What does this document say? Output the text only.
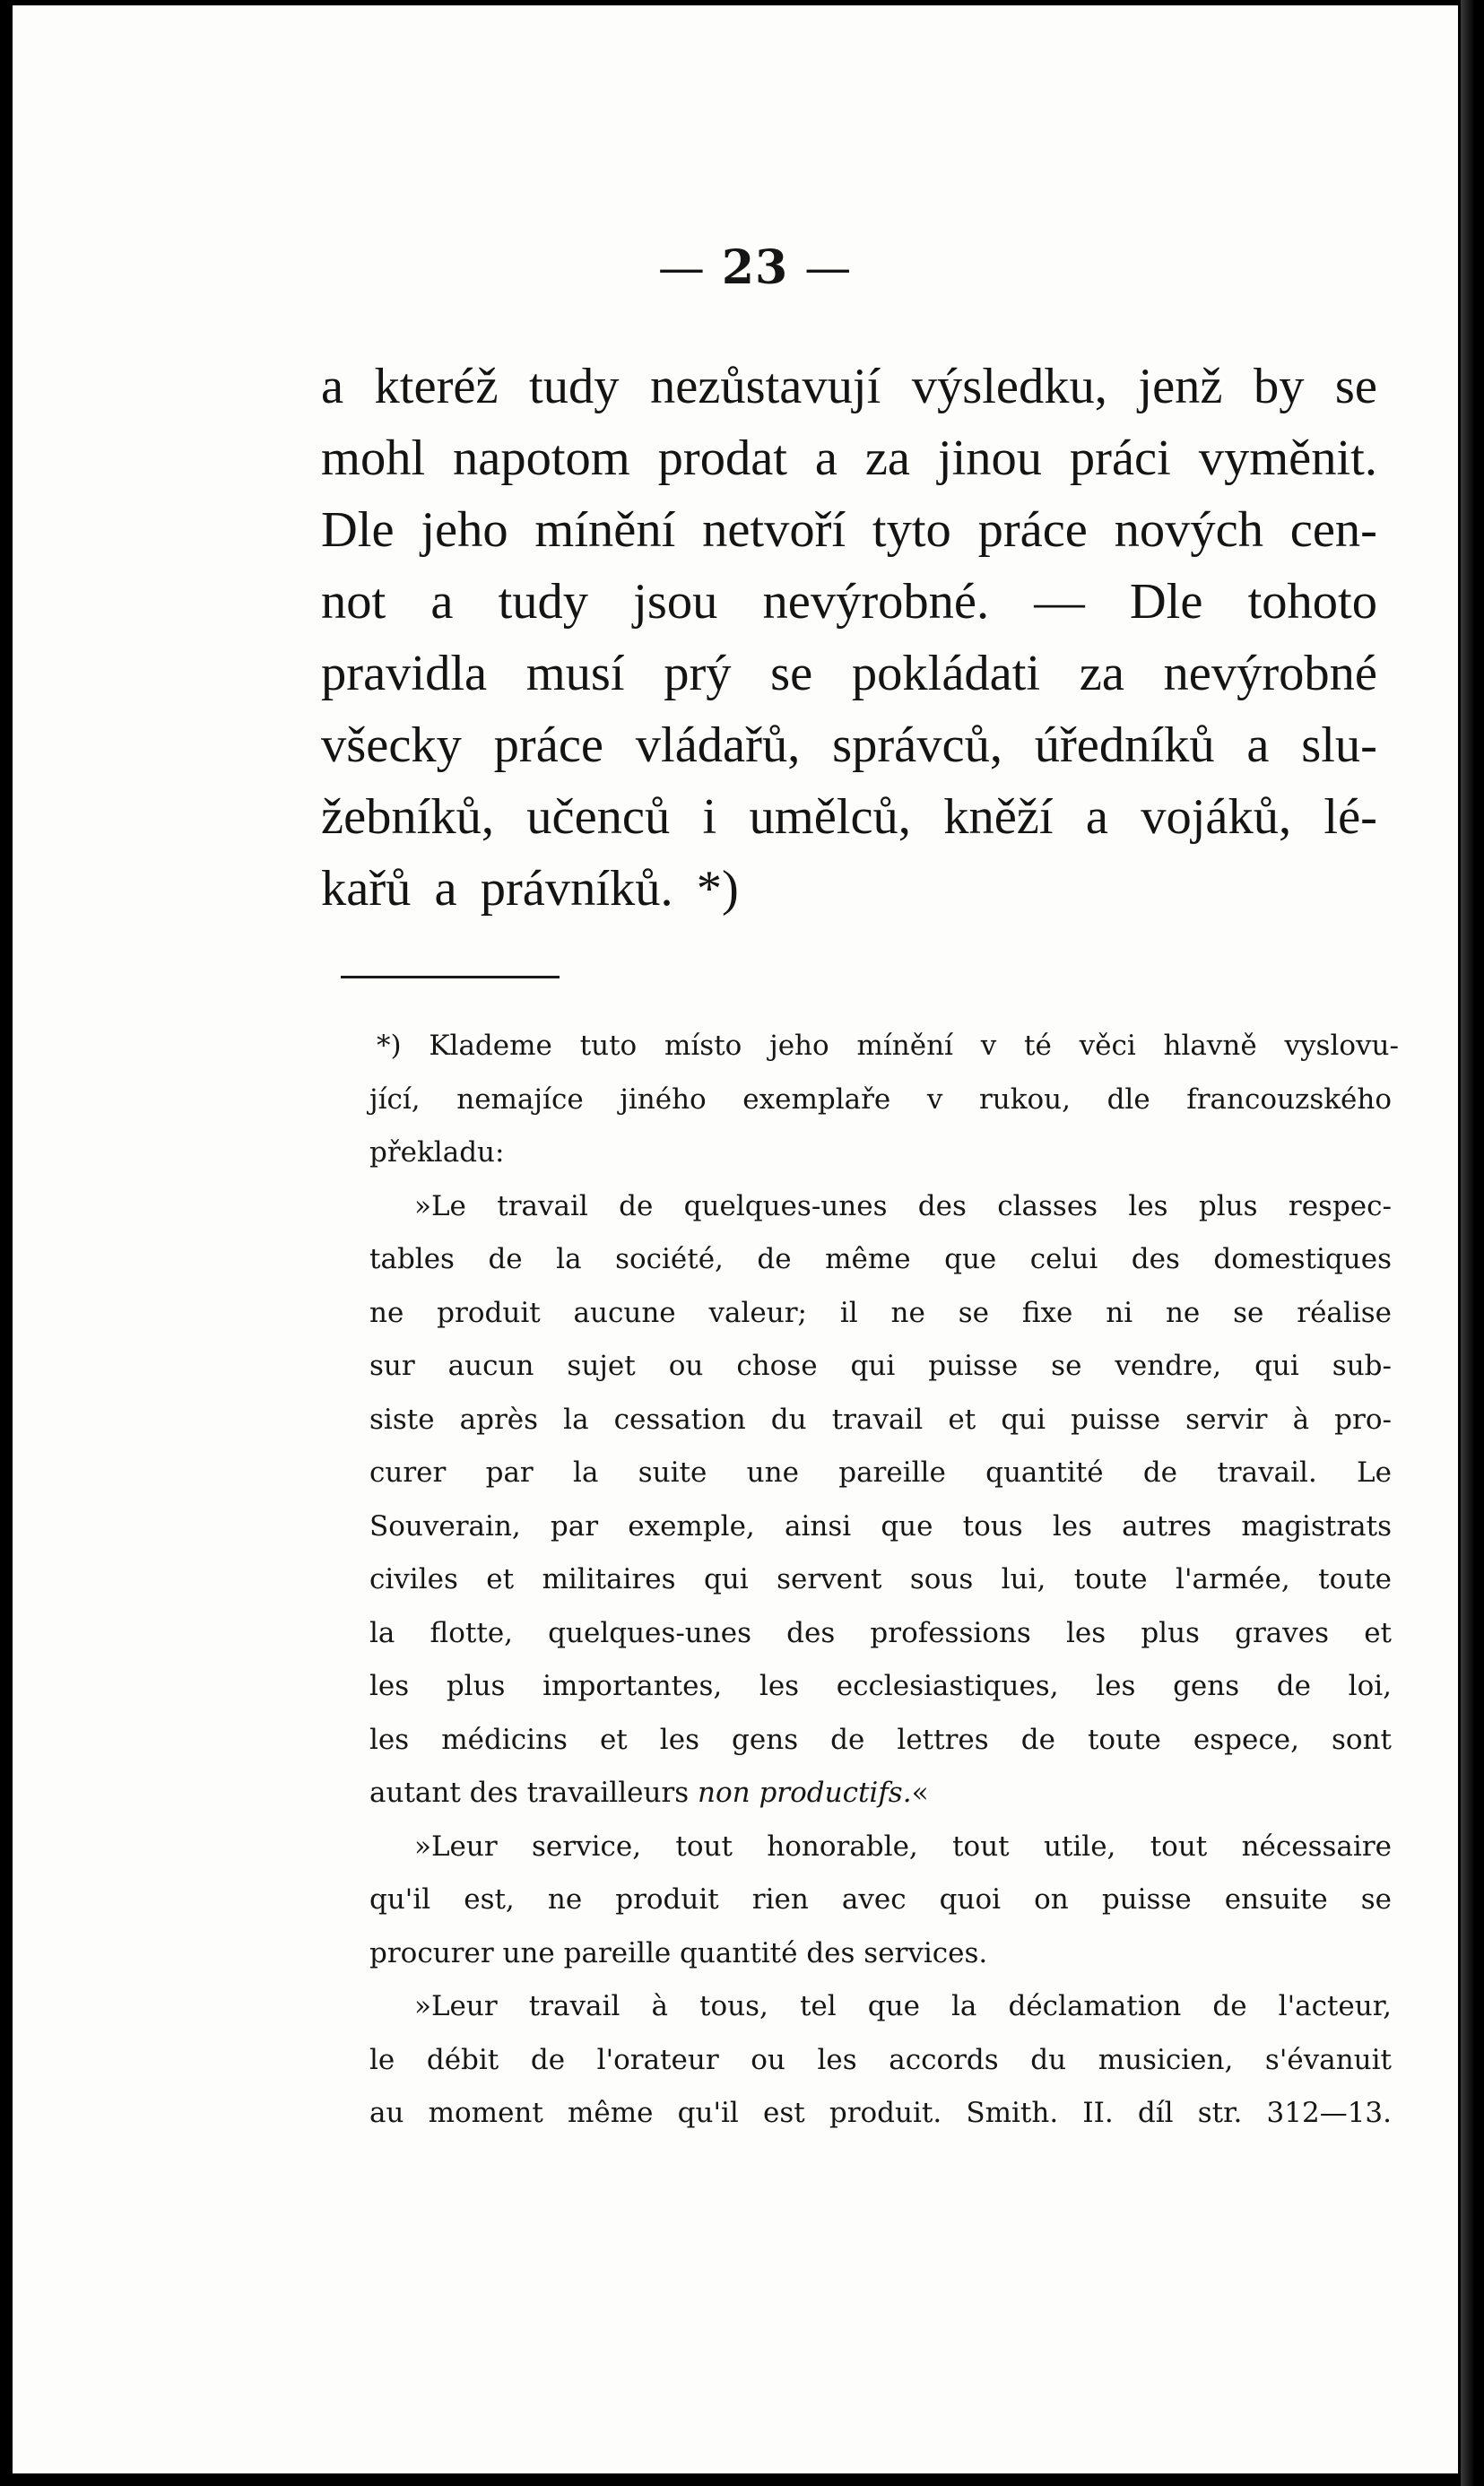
— 23 —
a kteréž tudy nezůstavují výsledku, jenž by se
mohl napotom prodat a za jinou práci vyměnit.
Dle jeho mínění netvoří tyto práce nových cen-
not a tudy jsou nevýrobné. — Dle tohoto
pravidla musí prý se pokládati za nevýrobné
všecky práce vládařů, správců, úředníků a slu-
žebníků, učenců i umělců, kněží a vojáků, lé-
kařů a právníků. *)
*) Klademe tuto místo jeho mínění v té věci hlavně vyslovu-
jící, nemajíce jiného exemplaře v rukou, dle francouzského
překladu:
»Le travail de quelques-unes des classes les plus respec-
tables de la société, de même que celui des domestiques
ne produit aucune valeur; il ne se fixe ni ne se réalise
sur aucun sujet ou chose qui puisse se vendre, qui sub-
siste après la cessation du travail et qui puisse servir à pro-
curer par la suite une pareille quantité de travail. Le
Souverain, par exemple, ainsi que tous les autres magistrats
civiles et militaires qui servent sous lui, toute l'armée, toute
la flotte, quelques-unes des professions les plus graves et
les plus importantes, les ecclesiastiques, les gens de loi,
les médicins et les gens de lettres de toute espece, sont
autant des travailleurs non productifs.«
»Leur service, tout honorable, tout utile, tout nécessaire
qu'il est, ne produit rien avec quoi on puisse ensuite se
procurer une pareille quantité des services.
»Leur travail à tous, tel que la déclamation de l'acteur,
le débit de l'orateur ou les accords du musicien, s'évanuit
au moment même qu'il est produit. Smith. II. díl str. 312—13.
